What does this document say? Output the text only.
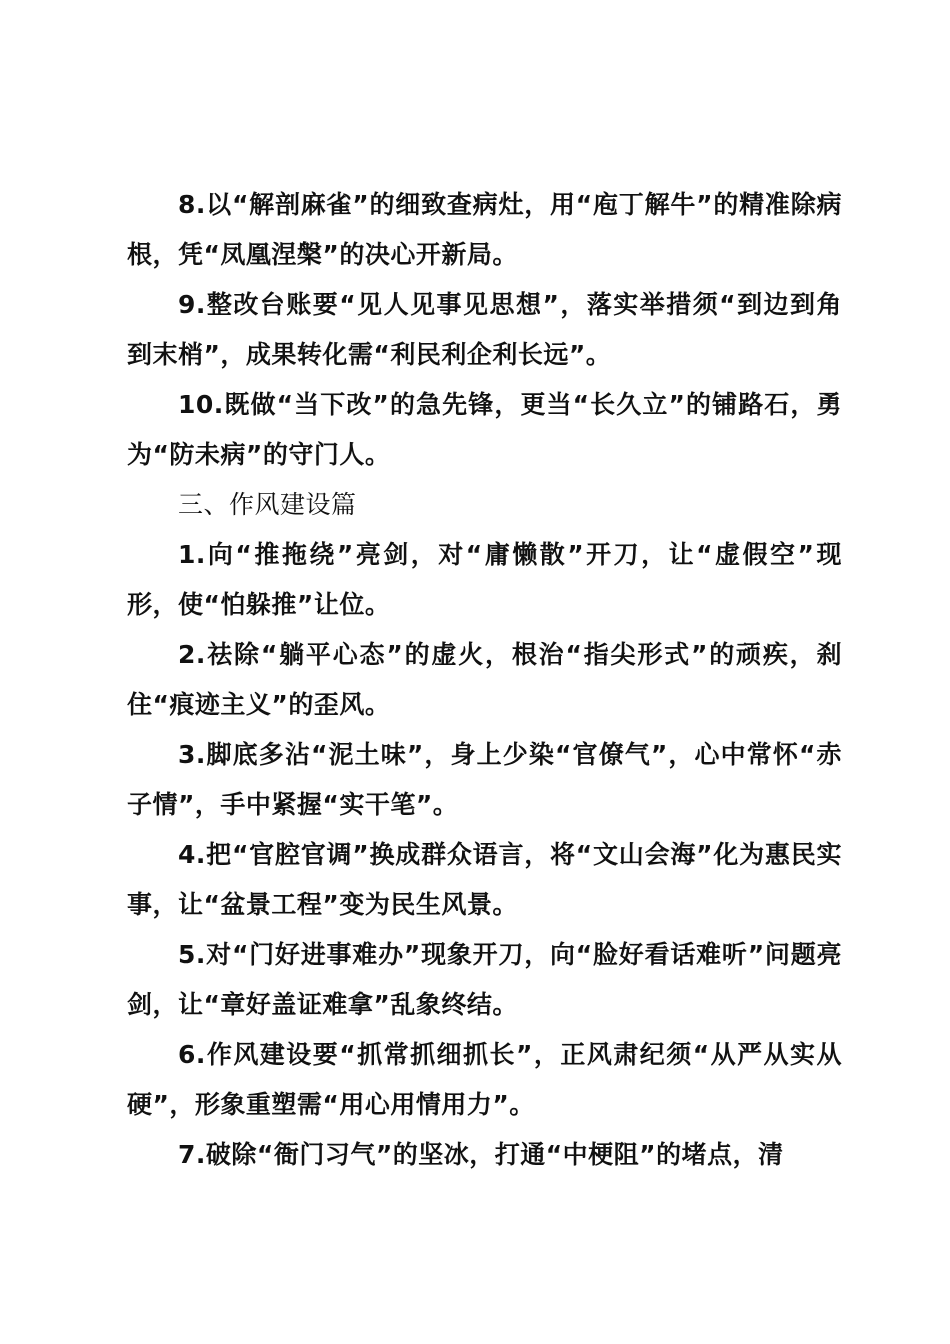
8.以“解剖麻雀”的细致查病灶，用“庖丁解牛”的精准除病根，凭“凤凰涅槃”的决心开新局。

9.整改台账要“见人见事见思想”，落实举措须“到边到角到末梢”，成果转化需“利民利企利长远”。

10.既做“当下改”的急先锋，更当“长久立”的铺路石，勇为“防未病”的守门人。

三、作风建设篇

1.向“推拖绕”亮剑，对“庸懒散”开刀，让“虚假空”现形，使“怕躲推”让位。

2.祛除“躺平心态”的虚火，根治“指尖形式”的顽疾，刹住“痕迹主义”的歪风。

3.脚底多沾“泥土味”，身上少染“官僚气”，心中常怀“赤子情”，手中紧握“实干笔”。

4.把“官腔官调”换成群众语言，将“文山会海”化为惠民实事，让“盆景工程”变为民生风景。

5.对“门好进事难办”现象开刀，向“脸好看话难听”问题亮剑，让“章好盖证难拿”乱象终结。

6.作风建设要“抓常抓细抓长”，正风肃纪须“从严从实从硬”，形象重塑需“用心用情用力”。

7.破除“衙门习气”的坚冰，打通“中梗阻”的堵点，清
